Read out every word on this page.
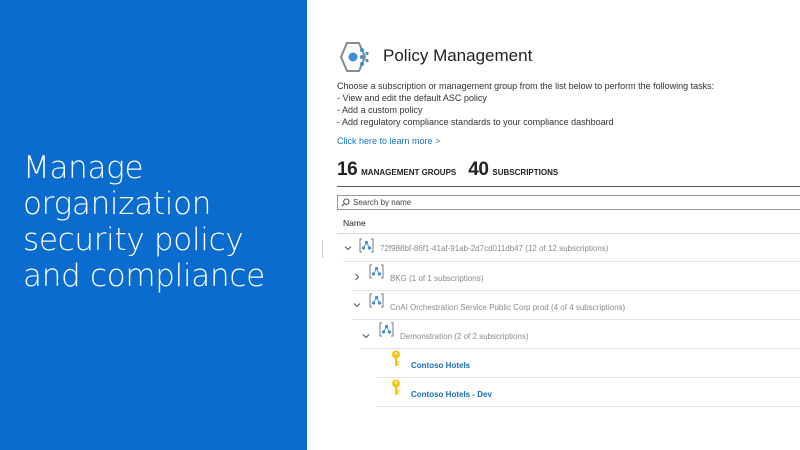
Manage
organization
security policy
and compliance
Policy Management
Choose a subscription or management group from the list below to perform the following tasks:
- View and edit the default ASC policy
- Add a custom policy
- Add regulatory compliance standards to your compliance dashboard
Click here to learn more >
16 MANAGEMENT GROUPS 40 SUBSCRIPTIONS
Search by name
Name
72f988bf-86f1-41af-91ab-2d7cd011db47 (12 of 12 subscriptions)
BKG (1 of 1 subscriptions)
CnAI Orchestration Service Public Corp prod (4 of 4 subscriptions)
Demonstration (2 of 2 subscriptions)
Contoso Hotels
Contoso Hotels - Dev
